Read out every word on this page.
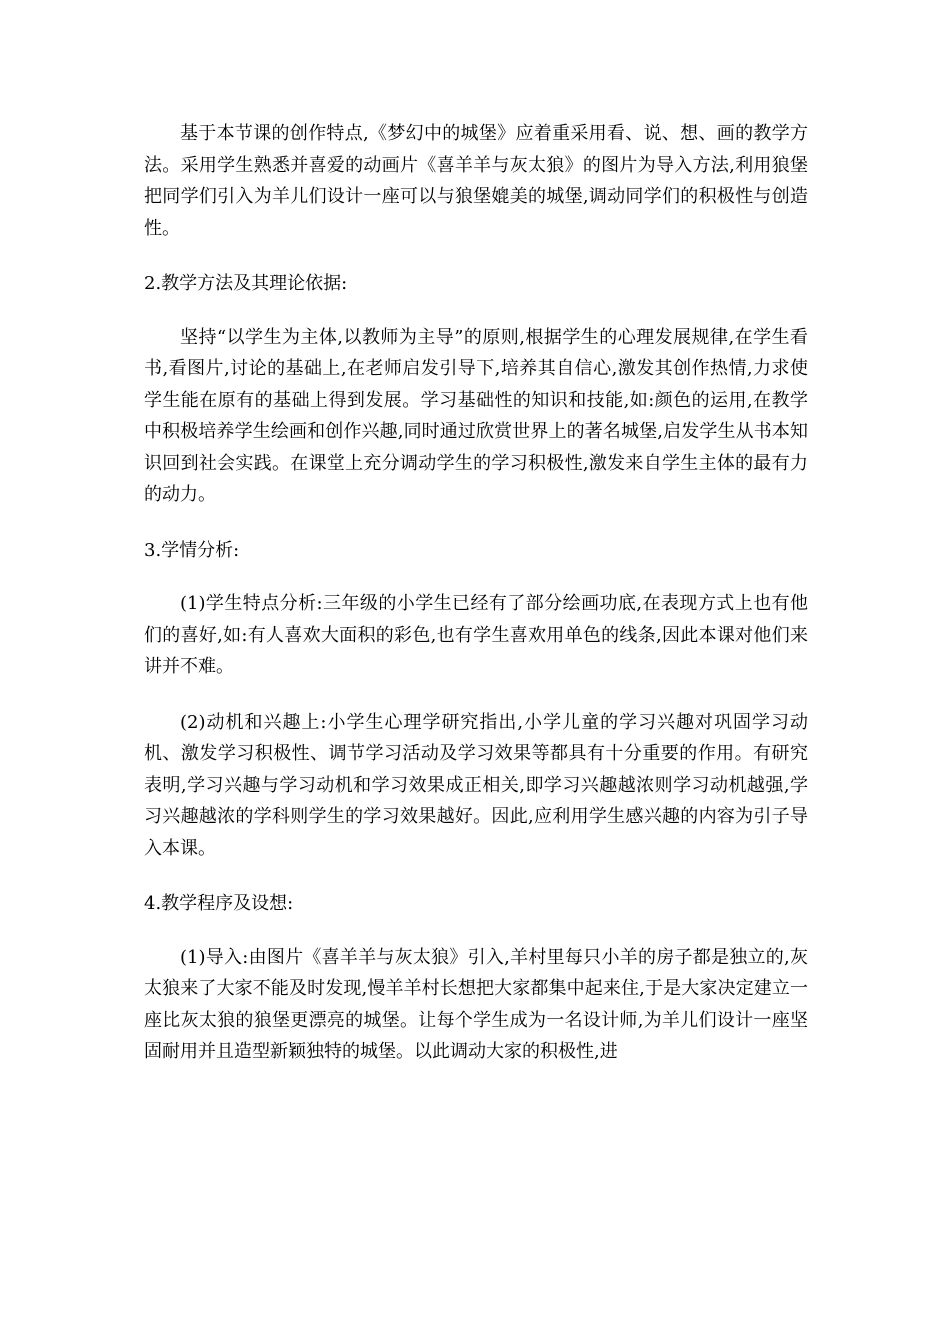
基于本节课的创作特点,《梦幻中的城堡》应着重采用看、说、想、画的教学方法。采用学生熟悉并喜爱的动画片《喜羊羊与灰太狼》的图片为导入方法,利用狼堡把同学们引入为羊儿们设计一座可以与狼堡媲美的城堡,调动同学们的积极性与创造性。

2.教学方法及其理论依据:

坚持“以学生为主体,以教师为主导”的原则,根据学生的心理发展规律,在学生看书,看图片,讨论的基础上,在老师启发引导下,培养其自信心,激发其创作热情,力求使学生能在原有的基础上得到发展。学习基础性的知识和技能,如:颜色的运用,在教学中积极培养学生绘画和创作兴趣,同时通过欣赏世界上的著名城堡,启发学生从书本知识回到社会实践。在课堂上充分调动学生的学习积极性,激发来自学生主体的最有力的动力。

3.学情分析:

(1)学生特点分析:三年级的小学生已经有了部分绘画功底,在表现方式上也有他们的喜好,如:有人喜欢大面积的彩色,也有学生喜欢用单色的线条,因此本课对他们来讲并不难。

(2)动机和兴趣上:小学生心理学研究指出,小学儿童的学习兴趣对巩固学习动机、激发学习积极性、调节学习活动及学习效果等都具有十分重要的作用。有研究表明,学习兴趣与学习动机和学习效果成正相关,即学习兴趣越浓则学习动机越强,学习兴趣越浓的学科则学生的学习效果越好。因此,应利用学生感兴趣的内容为引子导入本课。

4.教学程序及设想:

(1)导入:由图片《喜羊羊与灰太狼》引入,羊村里每只小羊的房子都是独立的,灰太狼来了大家不能及时发现,慢羊羊村长想把大家都集中起来住,于是大家决定建立一座比灰太狼的狼堡更漂亮的城堡。让每个学生成为一名设计师,为羊儿们设计一座坚固耐用并且造型新颖独特的城堡。以此调动大家的积极性,进
